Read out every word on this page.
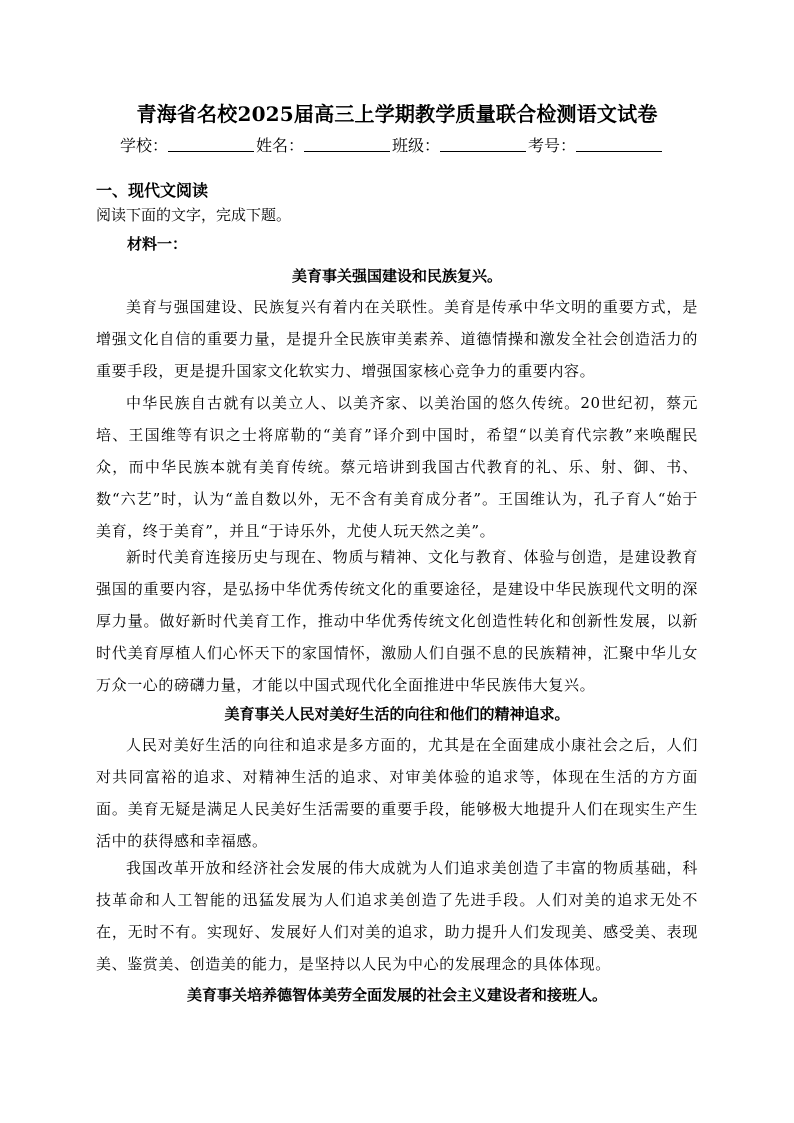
青海省名校2025届高三上学期教学质量联合检测语文试卷
学校：	姓名：	班级：	考号：
一、现代文阅读
阅读下面的文字，完成下题。
材料一：
美育事关强国建设和民族复兴。

美育与强国建设、民族复兴有着内在关联性。美育是传承中华文明的重要方式，是增强文化自信的重要力量，是提升全民族审美素养、道德情操和激发全社会创造活力的重要手段，更是提升国家文化软实力、增强国家核心竞争力的重要内容。

中华民族自古就有以美立人、以美齐家、以美治国的悠久传统。20世纪初，蔡元培、王国维等有识之士将席勒的“美育”译介到中国时，希望“以美育代宗教”来唤醒民众，而中华民族本就有美育传统。蔡元培讲到我国古代教育的礼、乐、射、御、书、数“六艺”时，认为“盖自数以外，无不含有美育成分者”。王国维认为，孔子育人“始于美育，终于美育”，并且“于诗乐外，尤使人玩天然之美”。

新时代美育连接历史与现在、物质与精神、文化与教育、体验与创造，是建设教育强国的重要内容，是弘扬中华优秀传统文化的重要途径，是建设中华民族现代文明的深厚力量。做好新时代美育工作，推动中华优秀传统文化创造性转化和创新性发展，以新时代美育厚植人们心怀天下的家国情怀，激励人们自强不息的民族精神，汇聚中华儿女万众一心的磅礴力量，才能以中国式现代化全面推进中华民族伟大复兴。

美育事关人民对美好生活的向往和他们的精神追求。

人民对美好生活的向往和追求是多方面的，尤其是在全面建成小康社会之后，人们对共同富裕的追求、对精神生活的追求、对审美体验的追求等，体现在生活的方方面面。美育无疑是满足人民美好生活需要的重要手段，能够极大地提升人们在现实生产生活中的获得感和幸福感。

我国改革开放和经济社会发展的伟大成就为人们追求美创造了丰富的物质基础，科技革命和人工智能的迅猛发展为人们追求美创造了先进手段。人们对美的追求无处不在，无时不有。实现好、发展好人们对美的追求，助力提升人们发现美、感受美、表现美、鉴赏美、创造美的能力，是坚持以人民为中心的发展理念的具体体现。

美育事关培养德智体美劳全面发展的社会主义建设者和接班人。
